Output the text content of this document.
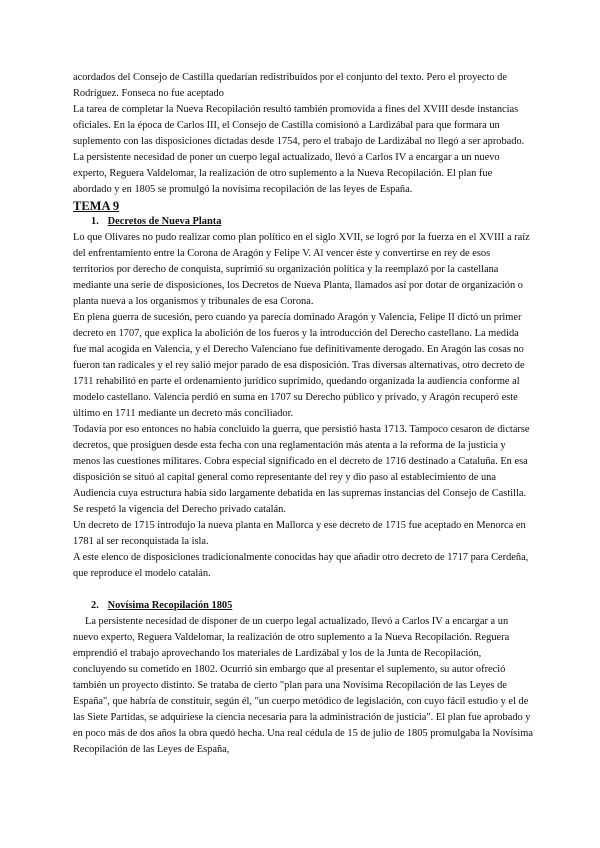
acordados del Consejo de Castilla quedarían redistribuidos por el conjunto del texto. Pero el proyecto de Rodríguez. Fonseca no fue aceptado

La tarea de completar la Nueva Recopilación resultó también promovida a fines del XVIII desde instancias oficiales. En la época de Carlos III, el Consejo de Castilla comisionó a Lardizábal para que formara un suplemento con las disposiciones dictadas desde 1754, pero el trabajo de Lardizábal no llegó a ser aprobado.

La persistente necesidad de poner un cuerpo legal actualizado, llevó a Carlos IV a encargar a un nuevo experto, Reguera Valdelomar, la realización de otro suplemento a la Nueva Recopilación. El plan fue abordado y en 1805 se promulgó la novísima recopilación de las leyes de España.

TEMA 9

1. Decretos de Nueva Planta

Lo que Olivares no pudo realizar como plan político en el siglo XVII, se logró por la fuerza en el XVIII a raíz del enfrentamiento entre la Corona de Aragón y Felipe V. Al vencer éste y convertirse en rey de esos territorios por derecho de conquista, suprimió su organización política y la reemplazó por la castellana mediante una serie de disposiciones, los Decretos de Nueva Planta, llamados así por dotar de organización o planta nueva a los organismos y tribunales de esa Corona.

En plena guerra de sucesión, pero cuando ya parecía dominado Aragón y Valencia, Felipe II dictó un primer decreto en 1707, que explica la abolición de los fueros y la introducción del Derecho castellano. La medida fue mal acogida en Valencia, y el Derecho Valenciano fue definitivamente derogado. En Aragón las cosas no fueron tan radicales y el rey salió mejor parado de esa disposición. Tras diversas alternativas, otro decreto de 1711 rehabilitó en parte el ordenamiento jurídico suprimido, quedando organizada la audiencia conforme al modelo castellano. Valencia perdió en suma en 1707 su Derecho público y privado, y Aragón recuperó este último en 1711 mediante un decreto más conciliador.

Todavía por eso entonces no había concluido la guerra, que persistió hasta 1713. Tampoco cesaron de dictarse decretos, que prosiguen desde esta fecha con una reglamentación más atenta a la reforma de la justicia y menos las cuestiones militares. Cobra especial significado en el decreto de 1716 destinado a Cataluña. En esa disposición se situó al capital general como representante del rey y dio paso al establecimiento de una Audiencia cuya estructura había sido largamente debatida en las supremas instancias del Consejo de Castilla. Se respetó la vigencia del Derecho privado catalán.

Un decreto de 1715 introdujo la nueva planta en Mallorca y ese decreto de 1715 fue aceptado en Menorca en 1781 al ser reconquistada la isla.

A este elenco de disposiciones tradicionalmente conocidas hay que añadir otro decreto de 1717 para Cerdeña, que reproduce el modelo catalán.

2. Novísima Recopilación 1805

La persistente necesidad de disponer de un cuerpo legal actualizado, llevó a Carlos IV a encargar a un nuevo experto, Reguera Valdelomar, la realización de otro suplemento a la Nueva Recopilación. Reguera emprendió el trabajo aprovechando los materiales de Lardizábal y los de la Junta de Recopilación, concluyendo su cometido en 1802. Ocurrió sin embargo que al presentar el suplemento, su autor ofreció también un proyecto distinto. Se trataba de cierto "plan para una Novísima Recopilación de las Leyes de España", que habría de constituir, según él, "un cuerpo metódico de legislación, con cuyo fácil estudio y el de las Siete Partidas, se adquiriese la ciencia necesaria para la administración de justicia". El plan fue aprobado y en poco más de dos años la obra quedó hecha. Una real cédula de 15 de julio de 1805 promulgaba la Novísima Recopilación de las Leyes de España,
